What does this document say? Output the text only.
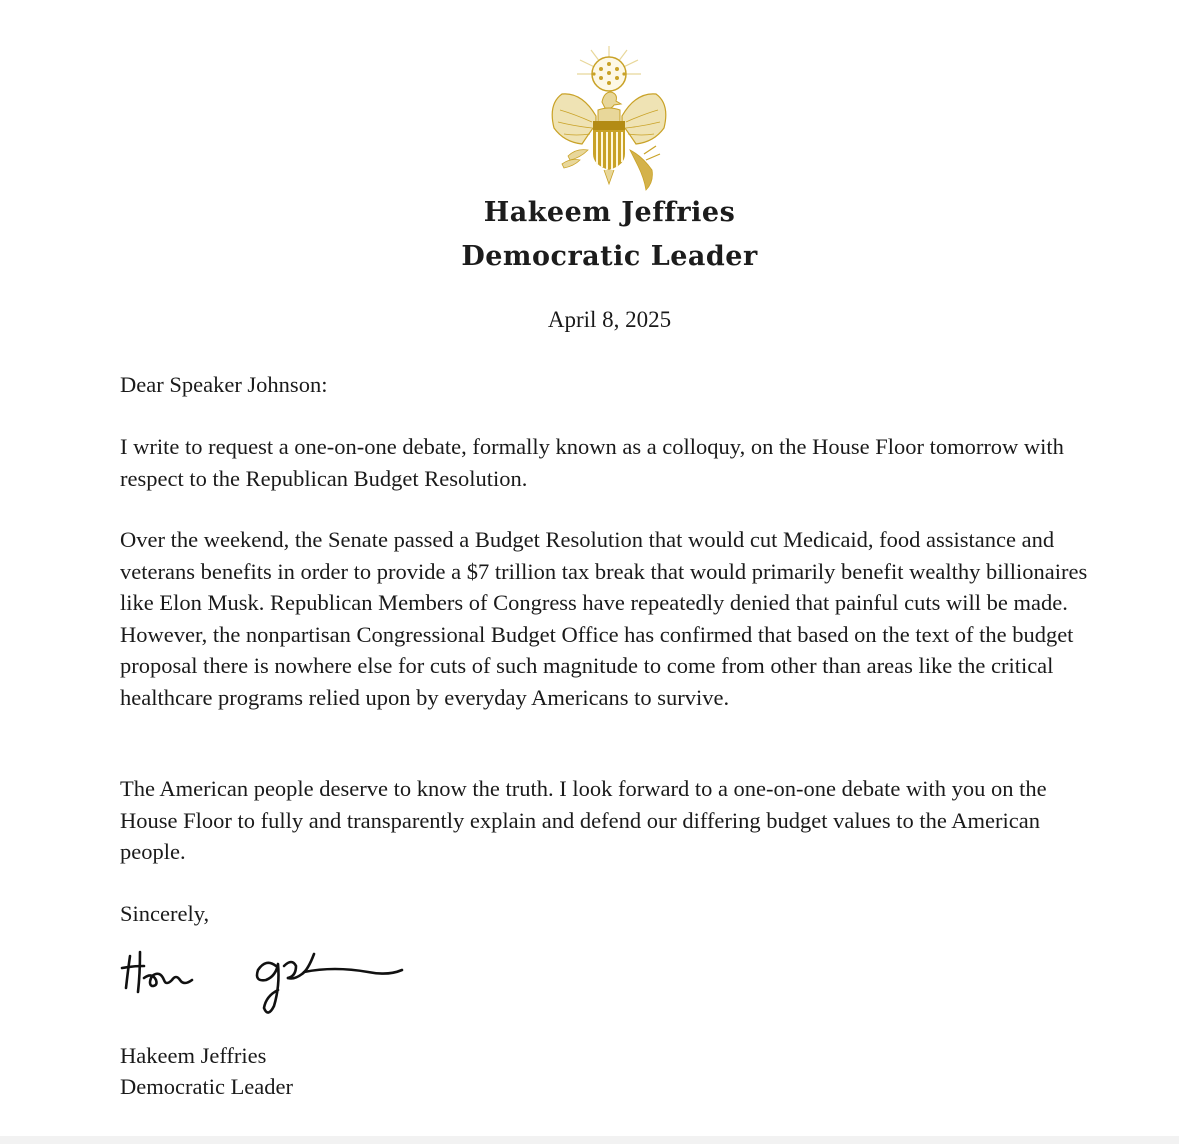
Hakeem Jeffries
Democratic Leader
April 8, 2025
Dear Speaker Johnson:
I write to request a one-on-one debate, formally known as a colloquy, on the House Floor tomorrow with respect to the Republican Budget Resolution.
Over the weekend, the Senate passed a Budget Resolution that would cut Medicaid, food assistance and veterans benefits in order to provide a $7 trillion tax break that would primarily benefit wealthy billionaires like Elon Musk. Republican Members of Congress have repeatedly denied that painful cuts will be made. However, the nonpartisan Congressional Budget Office has confirmed that based on the text of the budget proposal there is nowhere else for cuts of such magnitude to come from other than areas like the critical healthcare programs relied upon by everyday Americans to survive.
The American people deserve to know the truth. I look forward to a one-on-one debate with you on the House Floor to fully and transparently explain and defend our differing budget values to the American people.
Sincerely,
Hakeem Jeffries
Democratic Leader
